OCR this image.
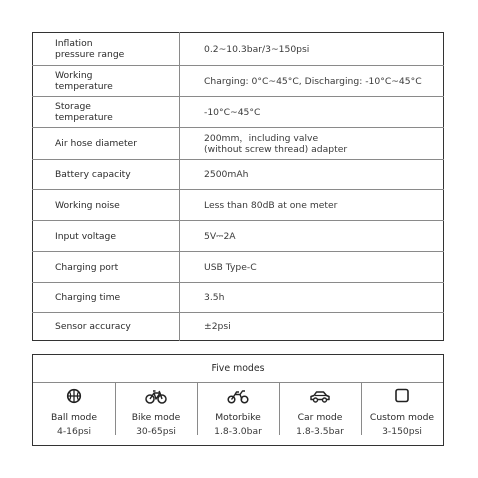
Inflation
pressure range	0.2~10.3bar/3~150psi
Working
temperature	Charging: 0°C~45°C, Discharging: -10°C~45°C
Storage
temperature	-10°C~45°C
Air hose diameter	200mm，including valve
(without screw thread) adapter
Battery capacity	2500mAh
Working noise	Less than 80dB at one meter
Input voltage	5V⎓2A
Charging port	USB Type-C
Charging time	3.5h
Sensor accuracy	±2psi
Five modes
Ball mode
4-16psi
Bike mode
30-65psi
Motorbike
1.8-3.0bar
Car mode
1.8-3.5bar
Custom mode
3-150psi
